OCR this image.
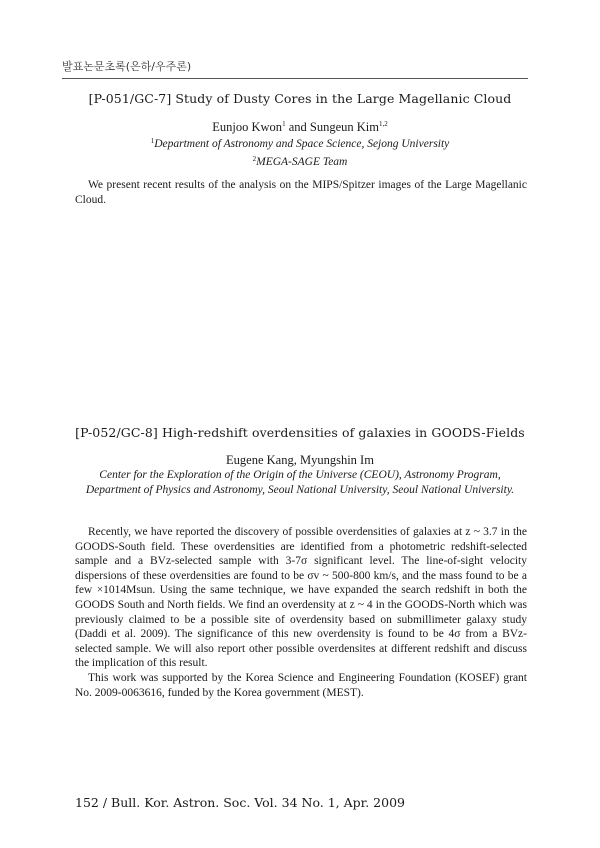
발표논문초록(은하/우주론)
[P-051/GC-7] Study of Dusty Cores in the Large Magellanic Cloud
Eunjoo Kwon$^1$ and Sungeun Kim$^{1,2}$
$^1$Department of Astronomy and Space Science, Sejong University
$^2$MEGA-SAGE Team

We present recent results of the analysis on the MIPS/Spitzer images of the Large Magellanic Cloud.

[P-052/GC-8] High-redshift overdensities of galaxies in GOODS-Fields
Eugene Kang, Myungshin Im
Center for the Exploration of the Origin of the Universe (CEOU), Astronomy Program, Department of Physics and Astronomy, Seoul National University, Seoul National University.

Recently, we have reported the discovery of possible overdensities of galaxies at z ~ 3.7 in the GOODS-South field. These overdensities are identified from a photometric redshift-selected sample and a BVz-selected sample with 3-7σ significant level. The line-of-sight velocity dispersions of these overdensities are found to be σv ~ 500-800 km/s, and the mass found to be a few ×1014Msun. Using the same technique, we have expanded the search redshift in both the GOODS South and North fields. We find an overdensity at z ~ 4 in the GOODS-North which was previously claimed to be a possible site of overdensity based on submillimeter galaxy study (Daddi et al. 2009). The significance of this new overdensity is found to be 4σ from a BVz-selected sample. We will also report other possible overdensites at different redshift and discuss the implication of this result.

This work was supported by the Korea Science and Engineering Foundation (KOSEF) grant No. 2009-0063616, funded by the Korea government (MEST).

152 / Bull. Kor. Astron. Soc. Vol. 34 No. 1, Apr. 2009
